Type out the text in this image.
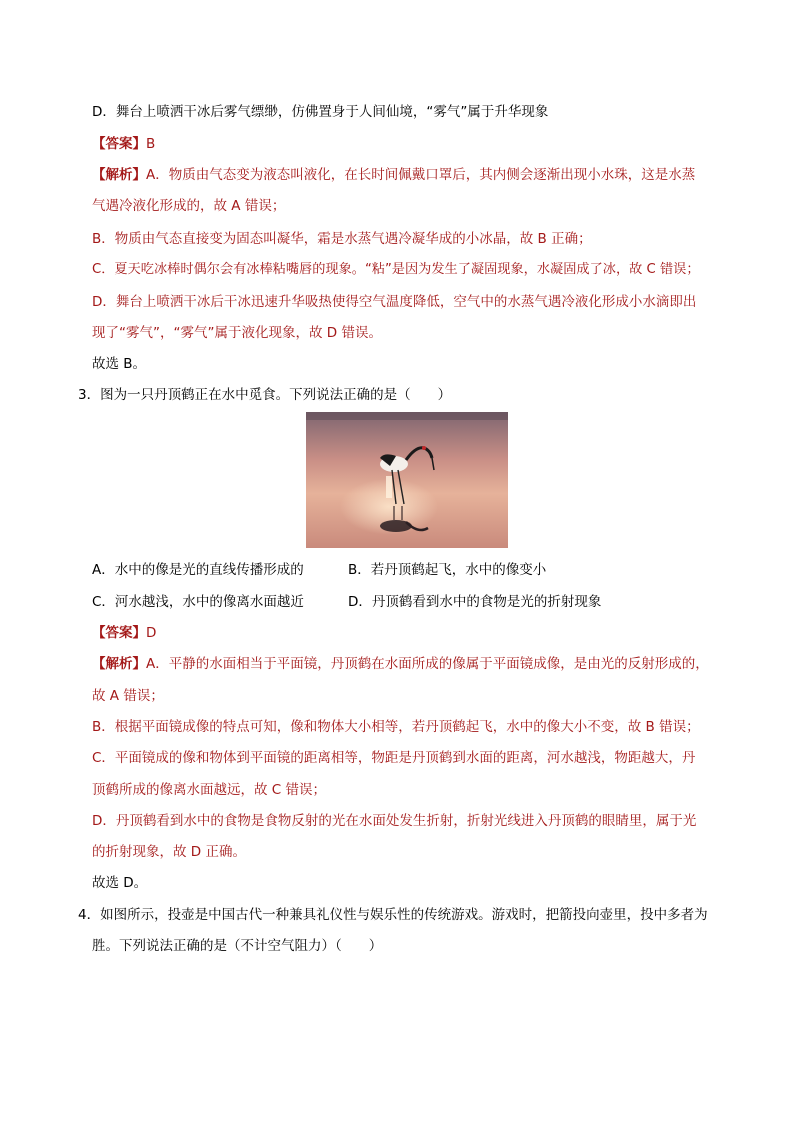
D．舞台上喷洒干冰后雾气缥缈，仿佛置身于人间仙境，“雾气”属于升华现象
【答案】B
【解析】A．物质由气态变为液态叫液化，在长时间佩戴口罩后，其内侧会逐渐出现小水珠，这是水蒸
气遇冷液化形成的，故 A 错误；
B．物质由气态直接变为固态叫凝华，霜是水蒸气遇冷凝华成的小冰晶，故 B 正确；
C．夏天吃冰棒时偶尔会有冰棒粘嘴唇的现象。“粘”是因为发生了凝固现象，水凝固成了冰，故 C 错误；
D．舞台上喷洒干冰后干冰迅速升华吸热使得空气温度降低，空气中的水蒸气遇冷液化形成小水滴即出
现了“雾气”，“雾气”属于液化现象，故 D 错误。
故选 B。
3．图为一只丹顶鹤正在水中觅食。下列说法正确的是（　　）
A．水中的像是光的直线传播形成的	B．若丹顶鹤起飞，水中的像变小
C．河水越浅，水中的像离水面越近	D．丹顶鹤看到水中的食物是光的折射现象
【答案】D
【解析】A．平静的水面相当于平面镜，丹顶鹤在水面所成的像属于平面镜成像，是由光的反射形成的，
故 A 错误；
B．根据平面镜成像的特点可知，像和物体大小相等，若丹顶鹤起飞，水中的像大小不变，故 B 错误；
C．平面镜成的像和物体到平面镜的距离相等，物距是丹顶鹤到水面的距离，河水越浅，物距越大，丹
顶鹤所成的像离水面越远，故 C 错误；
D．丹顶鹤看到水中的食物是食物反射的光在水面处发生折射，折射光线进入丹顶鹤的眼睛里，属于光
的折射现象，故 D 正确。
故选 D。
4．如图所示，投壶是中国古代一种兼具礼仪性与娱乐性的传统游戏。游戏时，把箭投向壶里，投中多者为
胜。下列说法正确的是（不计空气阻力）（　　）
